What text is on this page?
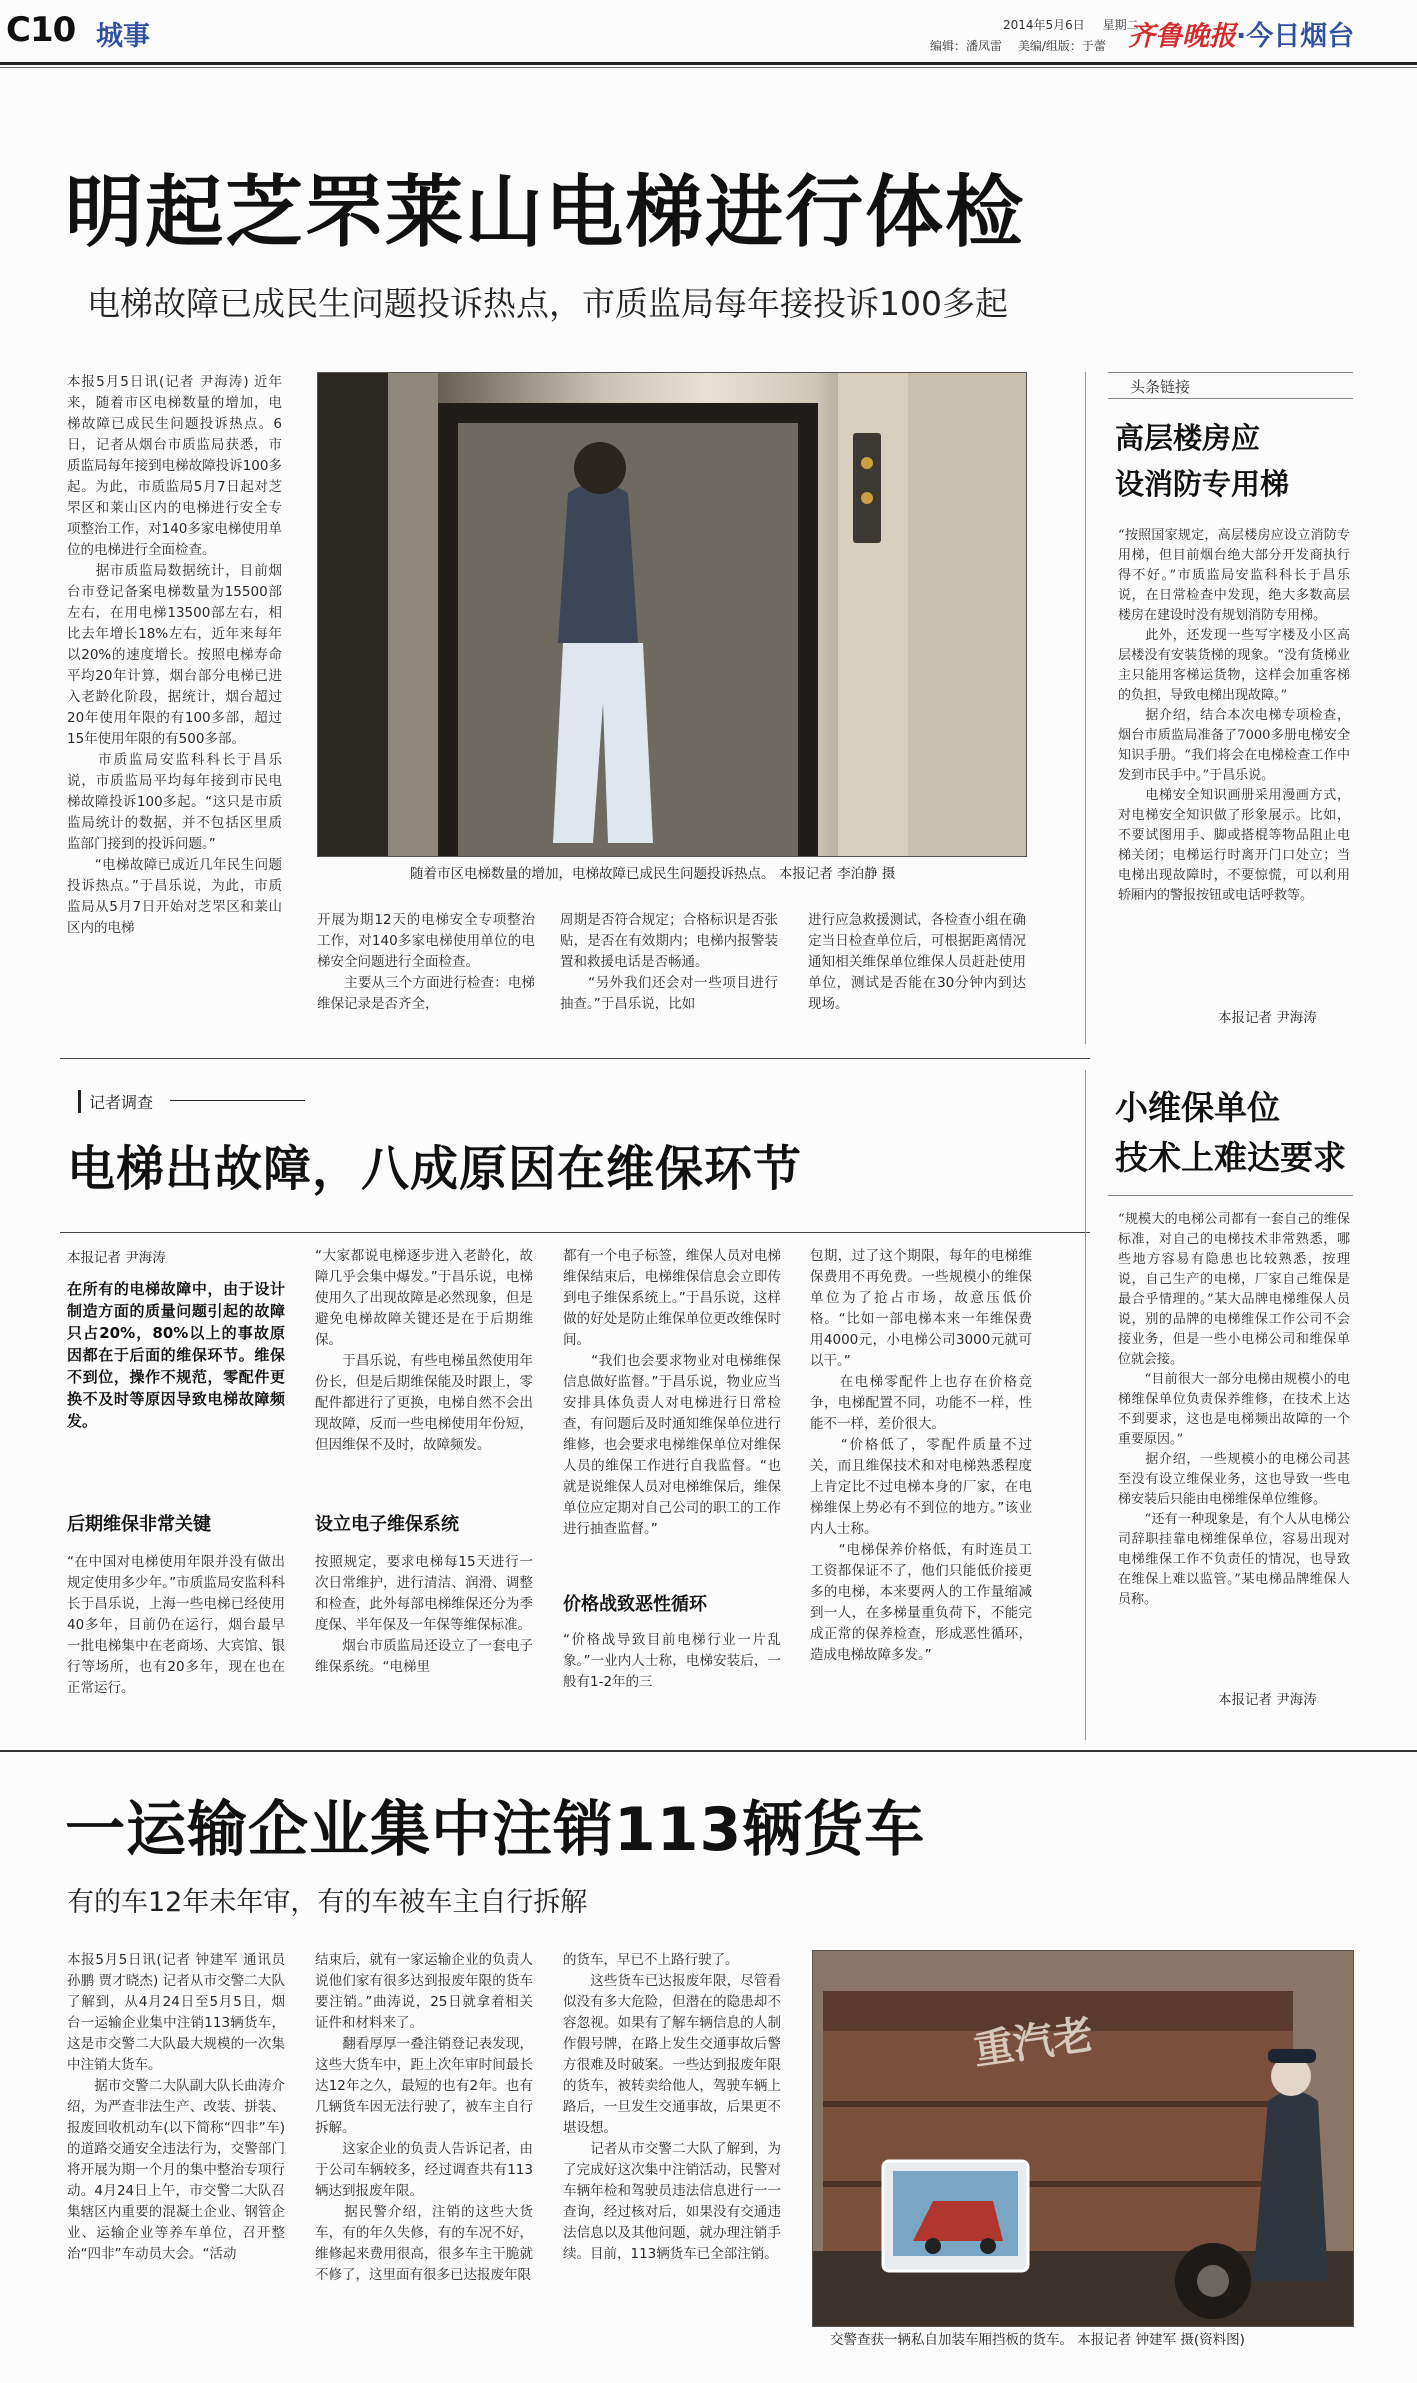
C10 城事	2014年5月6日 星期二
编辑：潘凤雷 美编/组版：于蕾 齐鲁晚报·今日烟台
明起芝罘莱山电梯进行体检
电梯故障已成民生问题投诉热点，市质监局每年接投诉100多起
本报5月5日讯(记者 尹海涛) 近年来，随着市区电梯数量的增加，电梯故障已成民生问题投诉热点。6日，记者从烟台市质监局获悉，市质监局每年接到电梯故障投诉100多起。为此，市质监局5月7日起对芝罘区和莱山区内的电梯进行安全专项整治工作，对140多家电梯使用单位的电梯进行全面检查。
　　据市质监局数据统计，目前烟台市登记备案电梯数量为15500部左右，在用电梯13500部左右，相比去年增长18%左右，近年来每年以20%的速度增长。按照电梯寿命平均20年计算，烟台部分电梯已进入老龄化阶段，据统计，烟台超过20年使用年限的有100多部，超过15年使用年限的有500多部。
　　市质监局安监科科长于昌乐说，市质监局平均每年接到市民电梯故障投诉100多起。“这只是市质监局统计的数据，并不包括区里质监部门接到的投诉问题。”
　　“电梯故障已成近几年民生问题投诉热点。”于昌乐说，为此，市质监局从5月7日开始对芝罘区和莱山区内的电梯
随着市区电梯数量的增加，电梯故障已成民生问题投诉热点。 本报记者 李泊静 摄
开展为期12天的电梯安全专项整治工作，对140多家电梯使用单位的电梯安全问题进行全面检查。
　　主要从三个方面进行检查：电梯维保记录是否齐全，
周期是否符合规定；合格标识是否张贴，是否在有效期内；电梯内报警装置和救援电话是否畅通。
　　“另外我们还会对一些项目进行抽查。”于昌乐说，比如
进行应急救援测试，各检查小组在确定当日检查单位后，可根据距离情况通知相关维保单位维保人员赶赴使用单位，测试是否能在30分钟内到达现场。
头条链接
高层楼房应
设消防专用梯
“按照国家规定，高层楼房应设立消防专用梯，但目前烟台绝大部分开发商执行得不好。”市质监局安监科科长于昌乐说，在日常检查中发现，绝大多数高层楼房在建设时没有规划消防专用梯。
　　此外，还发现一些写字楼及小区高层楼没有安装货梯的现象。“没有货梯业主只能用客梯运货物，这样会加重客梯的负担，导致电梯出现故障。”
　　据介绍，结合本次电梯专项检查，烟台市质监局准备了7000多册电梯安全知识手册。“我们将会在电梯检查工作中发到市民手中。”于昌乐说。
　　电梯安全知识画册采用漫画方式，对电梯安全知识做了形象展示。比如，不要试图用手、脚或搭棍等物品阻止电梯关闭；电梯运行时离开门口处立；当电梯出现故障时，不要惊慌，可以利用轿厢内的警报按钮或电话呼救等。
本报记者 尹海涛
记者调查
电梯出故障，八成原因在维保环节
本报记者 尹海涛
在所有的电梯故障中，由于设计制造方面的质量问题引起的故障只占20%，80%以上的事故原因都在于后面的维保环节。维保不到位，操作不规范，零配件更换不及时等原因导致电梯故障频发。
后期维保非常关键
“在中国对电梯使用年限并没有做出规定使用多少年。”市质监局安监科科长于昌乐说，上海一些电梯已经使用40多年，目前仍在运行，烟台最早一批电梯集中在老商场、大宾馆、银行等场所，也有20多年，现在也在正常运行。
“大家都说电梯逐步进入老龄化，故障几乎会集中爆发。”于昌乐说，电梯使用久了出现故障是必然现象，但是避免电梯故障关键还是在于后期维保。
　　于昌乐说，有些电梯虽然使用年份长，但是后期维保能及时跟上，零配件都进行了更换，电梯自然不会出现故障，反而一些电梯使用年份短，但因维保不及时，故障频发。
设立电子维保系统
按照规定，要求电梯每15天进行一次日常维护，进行清洁、润滑、调整和检查，此外每部电梯维保还分为季度保、半年保及一年保等维保标准。
　　烟台市质监局还设立了一套电子维保系统。“电梯里
都有一个电子标签，维保人员对电梯维保结束后，电梯维保信息会立即传到电子维保系统上。”于昌乐说，这样做的好处是防止维保单位更改维保时间。
　　“我们也会要求物业对电梯维保信息做好监督。”于昌乐说，物业应当安排具体负责人对电梯进行日常检查，有问题后及时通知维保单位进行维修，也会要求电梯维保单位对维保人员的维保工作进行自我监督。“也就是说维保人员对电梯维保后，维保单位应定期对自己公司的职工的工作进行抽查监督。”
价格战致恶性循环
“价格战导致目前电梯行业一片乱象。”一业内人士称，电梯安装后，一般有1-2年的三
包期，过了这个期限，每年的电梯维保费用不再免费。一些规模小的维保单位为了抢占市场，故意压低价格。“比如一部电梯本来一年维保费用4000元，小电梯公司3000元就可以干。”
　　在电梯零配件上也存在价格竞争，电梯配置不同，功能不一样，性能不一样，差价很大。
　　“价格低了，零配件质量不过关，而且维保技术和对电梯熟悉程度上肯定比不过电梯本身的厂家，在电梯维保上势必有不到位的地方。”该业内人士称。
　　“电梯保养价格低，有时连员工工资都保证不了，他们只能低价接更多的电梯，本来要两人的工作量缩减到一人，在多梯量重负荷下，不能完成正常的保养检查，形成恶性循环，造成电梯故障多发。”
小维保单位
技术上难达要求
“规模大的电梯公司都有一套自己的维保标准，对自己的电梯技术非常熟悉，哪些地方容易有隐患也比较熟悉，按理说，自己生产的电梯，厂家自己维保是最合乎情理的。”某大品牌电梯维保人员说，别的品牌的电梯维保工作公司不会接业务，但是一些小电梯公司和维保单位就会接。
　　“目前很大一部分电梯由规模小的电梯维保单位负责保养维修，在技术上达不到要求，这也是电梯频出故障的一个重要原因。”
　　据介绍，一些规模小的电梯公司甚至没有设立维保业务，这也导致一些电梯安装后只能由电梯维保单位维修。
　　“还有一种现象是，有个人从电梯公司辞职挂靠电梯维保单位，容易出现对电梯维保工作不负责任的情况，也导致在维保上难以监管。”某电梯品牌维保人员称。
本报记者 尹海涛
一运输企业集中注销113辆货车
有的车12年未年审，有的车被车主自行拆解
本报5月5日讯(记者 钟建军 通讯员 孙鹏 贾才晓杰) 记者从市交警二大队了解到，从4月24日至5月5日，烟台一运输企业集中注销113辆货车，这是市交警二大队最大规模的一次集中注销大货车。
　　据市交警二大队副大队长曲涛介绍，为严查非法生产、改装、拼装、报废回收机动车(以下简称“四非”车)的道路交通安全违法行为，交警部门将开展为期一个月的集中整治专项行动。4月24日上午，市交警二大队召集辖区内重要的混凝土企业、钢管企业、运输企业等养车单位，召开整治“四非”车动员大会。“活动
结束后，就有一家运输企业的负责人说他们家有很多达到报废年限的货车要注销。”曲涛说，25日就拿着相关证件和材料来了。
　　翻看厚厚一叠注销登记表发现，这些大货车中，距上次年审时间最长达12年之久，最短的也有2年。也有几辆货车因无法行驶了，被车主自行拆解。
　　这家企业的负责人告诉记者，由于公司车辆较多，经过调查共有113辆达到报废年限。
　　据民警介绍，注销的这些大货车，有的年久失修，有的车况不好，维修起来费用很高，很多车主干脆就不修了，这里面有很多已达报废年限
的货车，早已不上路行驶了。
　　这些货车已达报废年限，尽管看似没有多大危险，但潜在的隐患却不容忽视。如果有了解车辆信息的人制作假号牌，在路上发生交通事故后警方很难及时破案。一些达到报废年限的货车，被转卖给他人，驾驶车辆上路后，一旦发生交通事故，后果更不堪设想。
　　记者从市交警二大队了解到，为了完成好这次集中注销活动，民警对车辆年检和驾驶员违法信息进行一一查询，经过核对后，如果没有交通违法信息以及其他问题，就办理注销手续。目前，113辆货车已全部注销。
重汽老
交警查获一辆私自加装车厢挡板的货车。 本报记者 钟建军 摄(资料图)
